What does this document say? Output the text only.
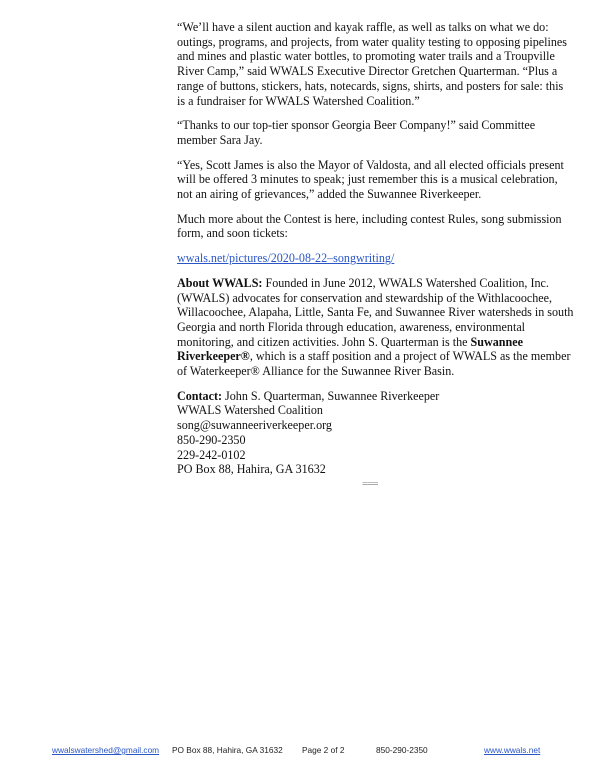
“We’ll have a silent auction and kayak raffle, as well as talks on what we do: outings, programs, and projects, from water quality testing to opposing pipelines and mines and plastic water bottles, to promoting water trails and a Troupville River Camp,” said WWALS Executive Director Gretchen Quarterman. “Plus a range of buttons, stickers, hats, notecards, signs, shirts, and posters for sale: this is a fundraiser for WWALS Watershed Coalition.”

“Thanks to our top-tier sponsor Georgia Beer Company!” said Committee member Sara Jay.

“Yes, Scott James is also the Mayor of Valdosta, and all elected officials present will be offered 3 minutes to speak; just remember this is a musical celebration, not an airing of grievances,” added the Suwannee Riverkeeper.

Much more about the Contest is here, including contest Rules, song submission form, and soon tickets:

wwals.net/pictures/2020-08-22–songwriting/

About WWALS: Founded in June 2012, WWALS Watershed Coalition, Inc. (WWALS) advocates for conservation and stewardship of the Withlacoochee, Willacoochee, Alapaha, Little, Santa Fe, and Suwannee River watersheds in south Georgia and north Florida through education, awareness, environmental monitoring, and citizen activities. John S. Quarterman is the Suwannee Riverkeeper®, which is a staff position and a project of WWALS as the member of Waterkeeper® Alliance for the Suwannee River Basin.

Contact: John S. Quarterman, Suwannee Riverkeeper
WWALS Watershed Coalition
song@suwanneeriverkeeper.org
850-290-2350
229-242-0102
PO Box 88, Hahira, GA 31632

===
wwalswatershed@gmail.com PO Box 88, Hahira, GA 31632 Page 2 of 2	850-290-2350	www.wwals.net
